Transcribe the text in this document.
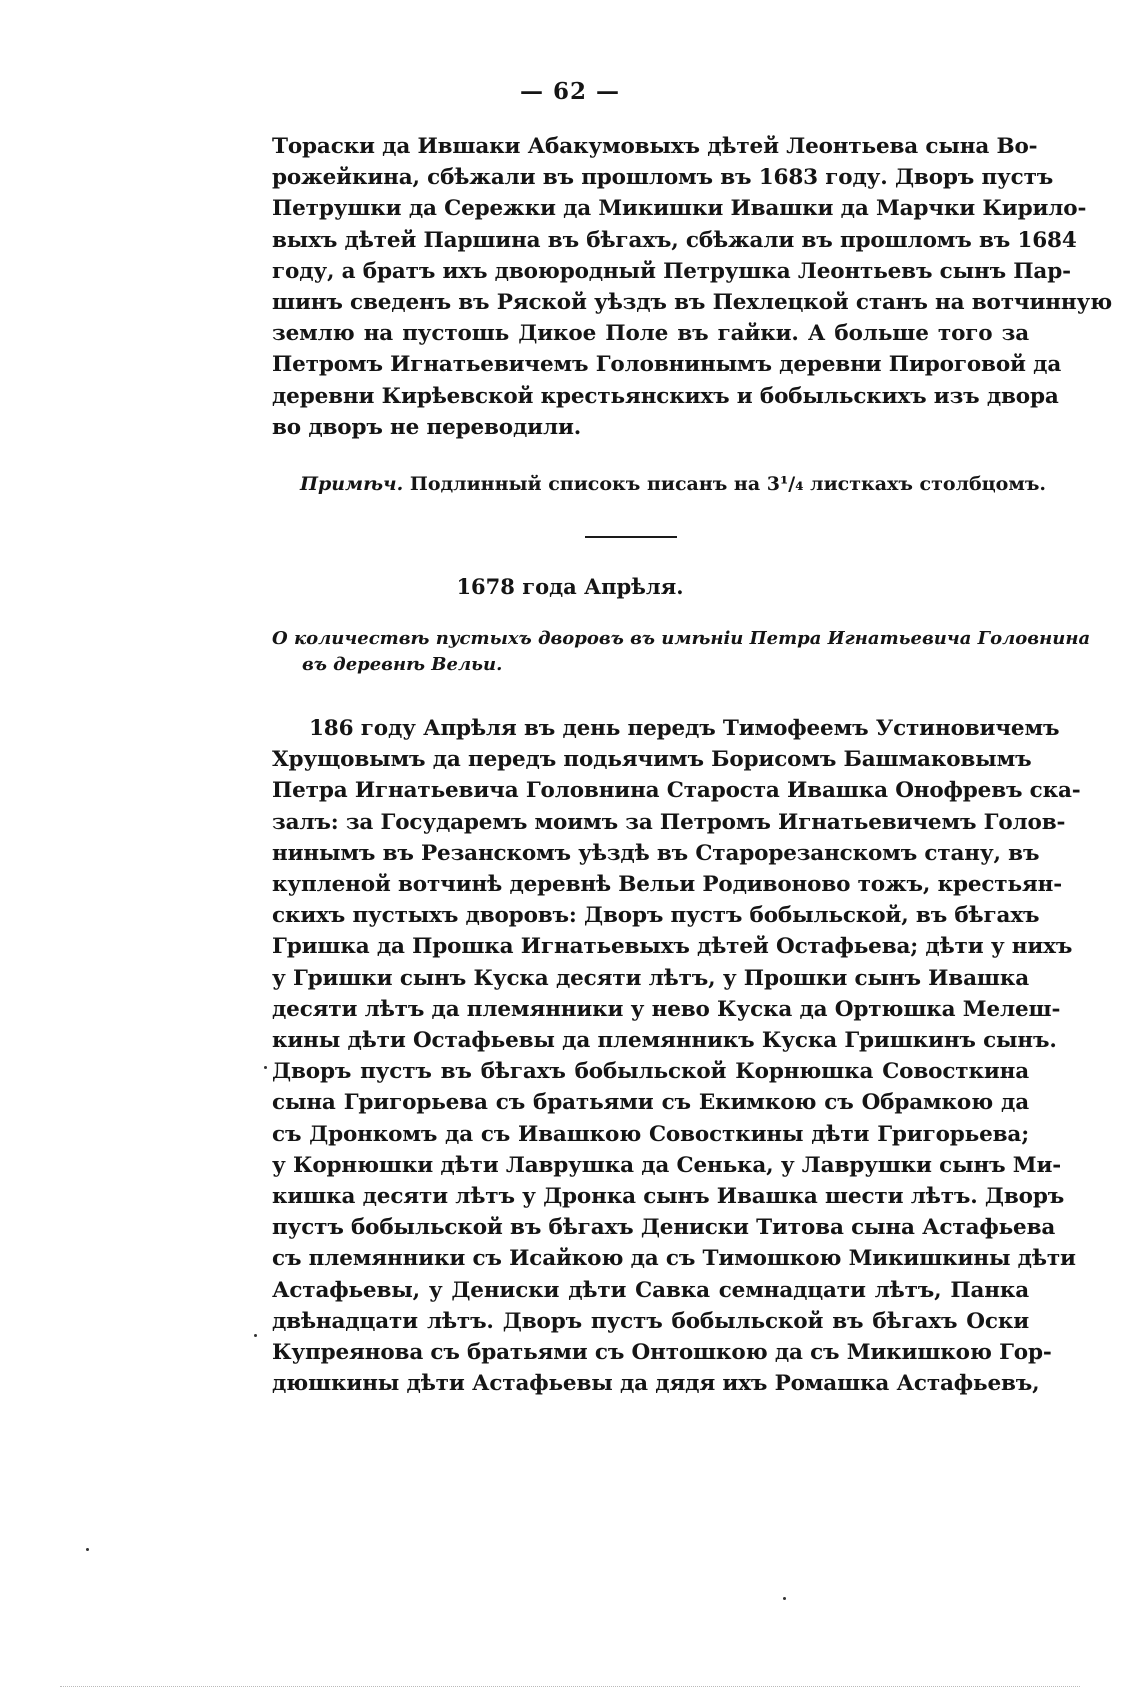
— 62 —
Тораски да Ившаки Абакумовыхъ дѣтей Леонтьева сына Во-
рожейкина, сбѣжали въ прошломъ въ 1683 году. Дворъ пустъ
Петрушки да Сережки да Микишки Ивашки да Марчки Кирило-
выхъ дѣтей Паршина въ бѣгахъ, сбѣжали въ прошломъ въ 1684
году, а братъ ихъ двоюродный Петрушка Леонтьевъ сынъ Пар-
шинъ сведенъ въ Ряской уѣздъ въ Пехлецкой станъ на вотчинную
землю на пустошь Дикое Поле въ гайки. А больше того за
Петромъ Игнатьевичемъ Головнинымъ деревни Пироговой да
деревни Кирѣевской крестьянскихъ и бобыльскихъ изъ двора
во дворъ не переводили.
Примѣч. Подлинный списокъ писанъ на 3¹/₄ листкахъ столбцомъ.
1678 года Апрѣля.
О количествѣ пустыхъ дворовъ въ имѣніи Петра Игнатьевича Головнина
въ деревнѣ Вельи.
186 году Апрѣля въ день передъ Тимофеемъ Устиновичемъ
Хрущовымъ да передъ подьячимъ Борисомъ Башмаковымъ
Петра Игнатьевича Головнина Староста Ивашка Онофревъ ска-
залъ: за Государемъ моимъ за Петромъ Игнатьевичемъ Голов-
нинымъ въ Резанскомъ уѣздѣ въ Старорезанскомъ стану, въ
купленой вотчинѣ деревнѣ Вельи Родивоново тожъ, крестьян-
скихъ пустыхъ дворовъ: Дворъ пустъ бобыльской, въ бѣгахъ
Гришка да Прошка Игнатьевыхъ дѣтей Остафьева; дѣти у нихъ
у Гришки сынъ Куска десяти лѣтъ, у Прошки сынъ Ивашка
десяти лѣтъ да племянники у нево Куска да Ортюшка Мелеш-
кины дѣти Остафьевы да племянникъ Куска Гришкинъ сынъ.
Дворъ пустъ въ бѣгахъ бобыльской Корнюшка Совосткина
сына Григорьева съ братьями съ Екимкою съ Обрамкою да
съ Дронкомъ да съ Ивашкою Совосткины дѣти Григорьева;
у Корнюшки дѣти Лаврушка да Сенька, у Лаврушки сынъ Ми-
кишка десяти лѣтъ у Дронка сынъ Ивашка шести лѣтъ. Дворъ
пустъ бобыльской въ бѣгахъ Дениски Титова сына Астафьева
съ племянники съ Исайкою да съ Тимошкою Микишкины дѣти
Астафьевы, у Дениски дѣти Савка семнадцати лѣтъ, Панка
двѣнадцати лѣтъ. Дворъ пустъ бобыльской въ бѣгахъ Оски
Купреянова съ братьями съ Онтошкою да съ Микишкою Гор-
дюшкины дѣти Астафьевы да дядя ихъ Ромашка Астафьевъ,
